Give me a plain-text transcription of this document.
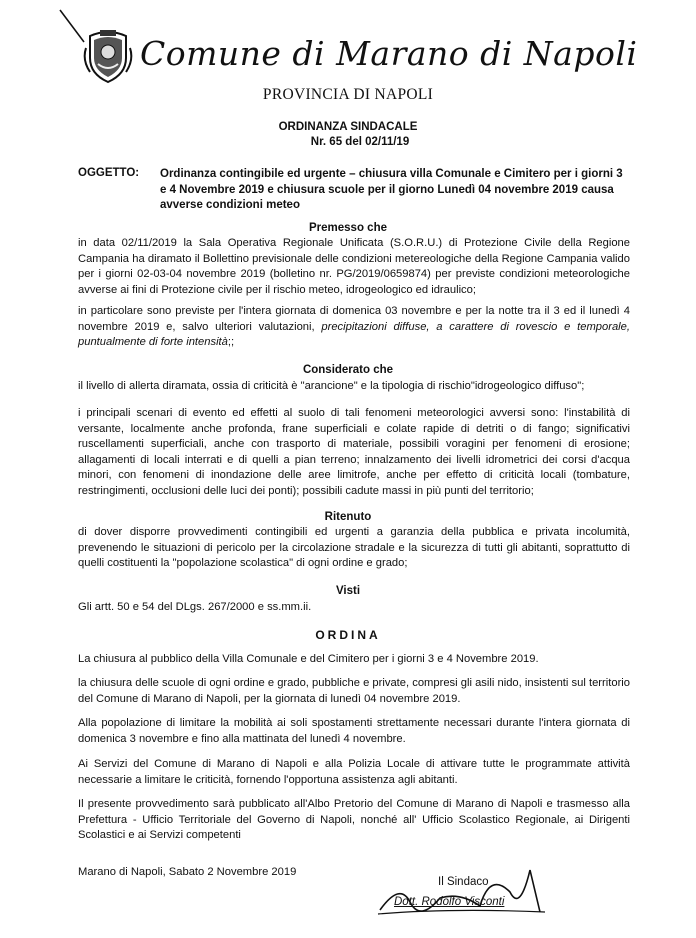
Comune di Marano di Napoli
PROVINCIA DI NAPOLI
ORDINANZA SINDACALE
Nr. 65 del 02/11/19
OGGETTO: Ordinanza contingibile ed urgente – chiusura villa Comunale e Cimitero per i giorni 3 e 4 Novembre 2019 e chiusura scuole per il giorno Lunedì 04 novembre 2019 causa avverse condizioni meteo
Premesso che
in data 02/11/2019 la Sala Operativa Regionale Unificata (S.O.R.U.) di Protezione Civile della Regione Campania ha diramato il Bollettino previsionale delle condizioni metereologiche della Regione Campania valido per i giorni 02-03-04 novembre 2019 (bolletino nr. PG/2019/0659874) per previste condizioni meteorologiche avverse ai fini di Protezione civile per il rischio meteo, idrogeologico ed idraulico;
in particolare sono previste per l'intera giornata di domenica 03 novembre e per la notte tra il 3 ed il lunedì 4 novembre 2019 e, salvo ulteriori valutazioni, precipitazioni diffuse, a carattere di rovescio e temporale, puntualmente di forte intensità;;
Considerato che
il livello di allerta diramata, ossia di criticità è "arancione" e la tipologia di rischio"idrogeologico diffuso";
i principali scenari di evento ed effetti al suolo di tali fenomeni meteorologici avversi sono: l'instabilità di versante, localmente anche profonda, frane superficiali e colate rapide di detriti o di fango; significativi ruscellamenti superficiali, anche con trasporto di materiale, possibili voragini per fenomeni di erosione; allagamenti di locali interrati e di quelli a pian terreno; innalzamento dei livelli idrometrici dei corsi d'acqua minori, con fenomeni di inondazione delle aree limitrofe, anche per effetto di criticità locali (tombature, restringimenti, occlusioni delle luci dei ponti); possibili cadute massi in più punti del territorio;
Ritenuto
di dover disporre provvedimenti contingibili ed urgenti a garanzia della pubblica e privata incolumità, prevenendo le situazioni di pericolo per la circolazione stradale e la sicurezza di tutti gli abitanti, soprattutto di quelli costituenti la "popolazione scolastica" di ogni ordine e grado;
Visti
Gli artt. 50 e 54 del DLgs. 267/2000 e ss.mm.ii.
ORDINA
La chiusura al pubblico della Villa Comunale e del Cimitero per i giorni 3 e 4 Novembre 2019.
la chiusura delle scuole di ogni ordine e grado, pubbliche e private, compresi gli asili nido, insistenti sul territorio del Comune di Marano di Napoli, per la giornata di lunedì 04 novembre 2019.
Alla popolazione di limitare la mobilità ai soli spostamenti strettamente necessari durante l'intera giornata di domenica 3 novembre e fino alla mattinata del lunedì 4 novembre.
Ai Servizi del Comune di Marano di Napoli e alla Polizia Locale di attivare tutte le programmate attività necessarie a limitare le criticità, fornendo l'opportuna assistenza agli abitanti.
Il presente provvedimento sarà pubblicato all'Albo Pretorio del Comune di Marano di Napoli e trasmesso alla Prefettura - Ufficio Territoriale del Governo di Napoli, nonché all' Ufficio Scolastico Regionale, ai Dirigenti Scolastici e ai Servizi competenti
Marano di Napoli, Sabato 2 Novembre 2019
Il Sindaco
Dott. Rodolfo Visconti
